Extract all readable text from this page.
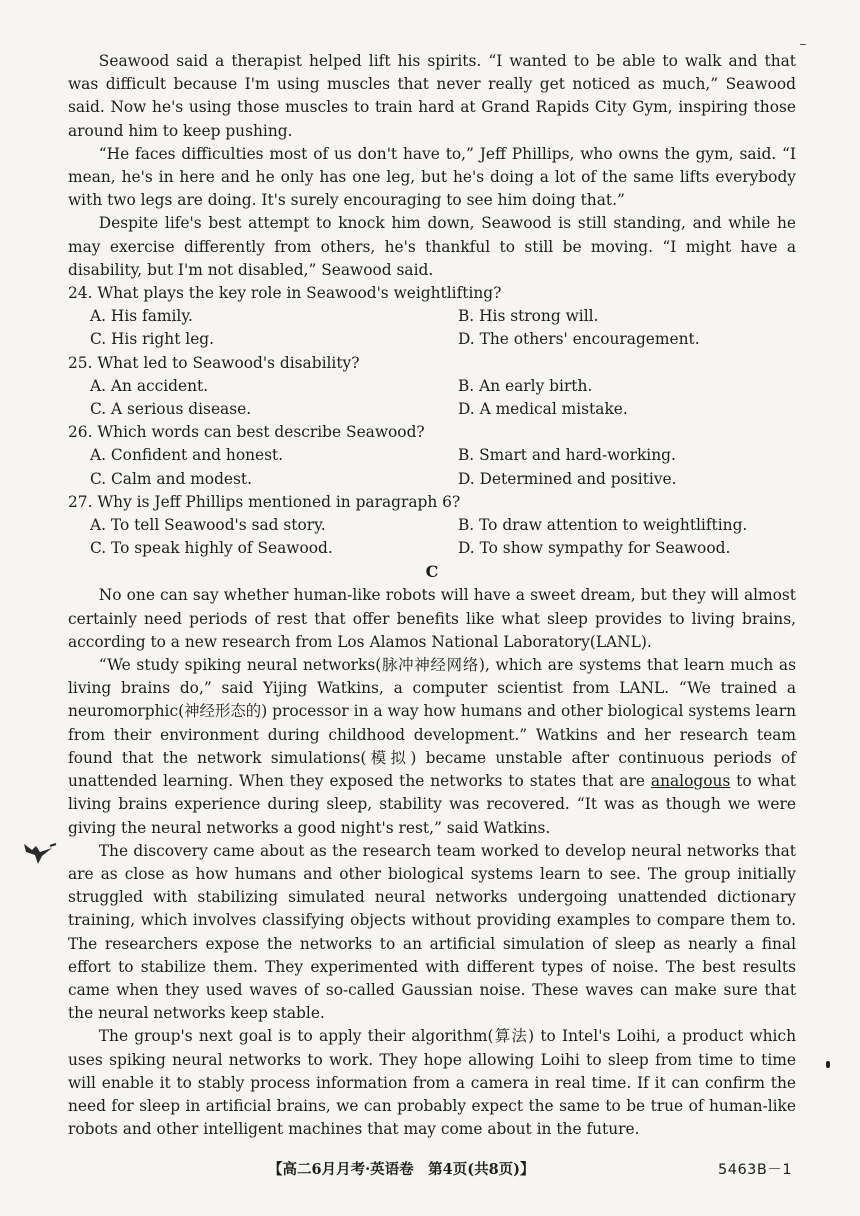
Seawood said a therapist helped lift his spirits. “I wanted to be able to walk and that was difficult because I'm using muscles that never really get noticed as much,” Seawood said. Now he's using those muscles to train hard at Grand Rapids City Gym, inspiring those around him to keep pushing.

“He faces difficulties most of us don't have to,” Jeff Phillips, who owns the gym, said. “I mean, he's in here and he only has one leg, but he's doing a lot of the same lifts everybody with two legs are doing. It's surely encouraging to see him doing that.”

Despite life's best attempt to knock him down, Seawood is still standing, and while he may exercise differently from others, he's thankful to still be moving. “I might have a disability, but I'm not disabled,” Seawood said.

24. What plays the key role in Seawood's weightlifting?

A. His family.	B. His strong will.
C. His right leg.	D. The others' encouragement.

25. What led to Seawood's disability?

A. An accident.	B. An early birth.
C. A serious disease.	D. A medical mistake.

26. Which words can best describe Seawood?

A. Confident and honest.	B. Smart and hard-working.
C. Calm and modest.	D. Determined and positive.

27. Why is Jeff Phillips mentioned in paragraph 6?

A. To tell Seawood's sad story.	B. To draw attention to weightlifting.
C. To speak highly of Seawood.	D. To show sympathy for Seawood.

C

No one can say whether human-like robots will have a sweet dream, but they will almost certainly need periods of rest that offer benefits like what sleep provides to living brains, according to a new research from Los Alamos National Laboratory(LANL).

“We study spiking neural networks(脉冲神经网络), which are systems that learn much as living brains do,” said Yijing Watkins, a computer scientist from LANL. “We trained a neuromorphic(神经形态的) processor in a way how humans and other biological systems learn from their environment during childhood development.” Watkins and her research team found that the network simulations(模拟) became unstable after continuous periods of unattended learning. When they exposed the networks to states that are analogous to what living brains experience during sleep, stability was recovered. “It was as though we were giving the neural networks a good night's rest,” said Watkins.

The discovery came about as the research team worked to develop neural networks that are as close as how humans and other biological systems learn to see. The group initially struggled with stabilizing simulated neural networks undergoing unattended dictionary training, which involves classifying objects without providing examples to compare them to. The researchers expose the networks to an artificial simulation of sleep as nearly a final effort to stabilize them. They experimented with different types of noise. The best results came when they used waves of so-called Gaussian noise. These waves can make sure that the neural networks keep stable.

The group's next goal is to apply their algorithm(算法) to Intel's Loihi, a product which uses spiking neural networks to work. They hope allowing Loihi to sleep from time to time will enable it to stably process information from a camera in real time. If it can confirm the need for sleep in artificial brains, we can probably expect the same to be true of human-like robots and other intelligent machines that may come about in the future.

【高二6月月考·英语卷　第4页(共8页)】	5463B－1
